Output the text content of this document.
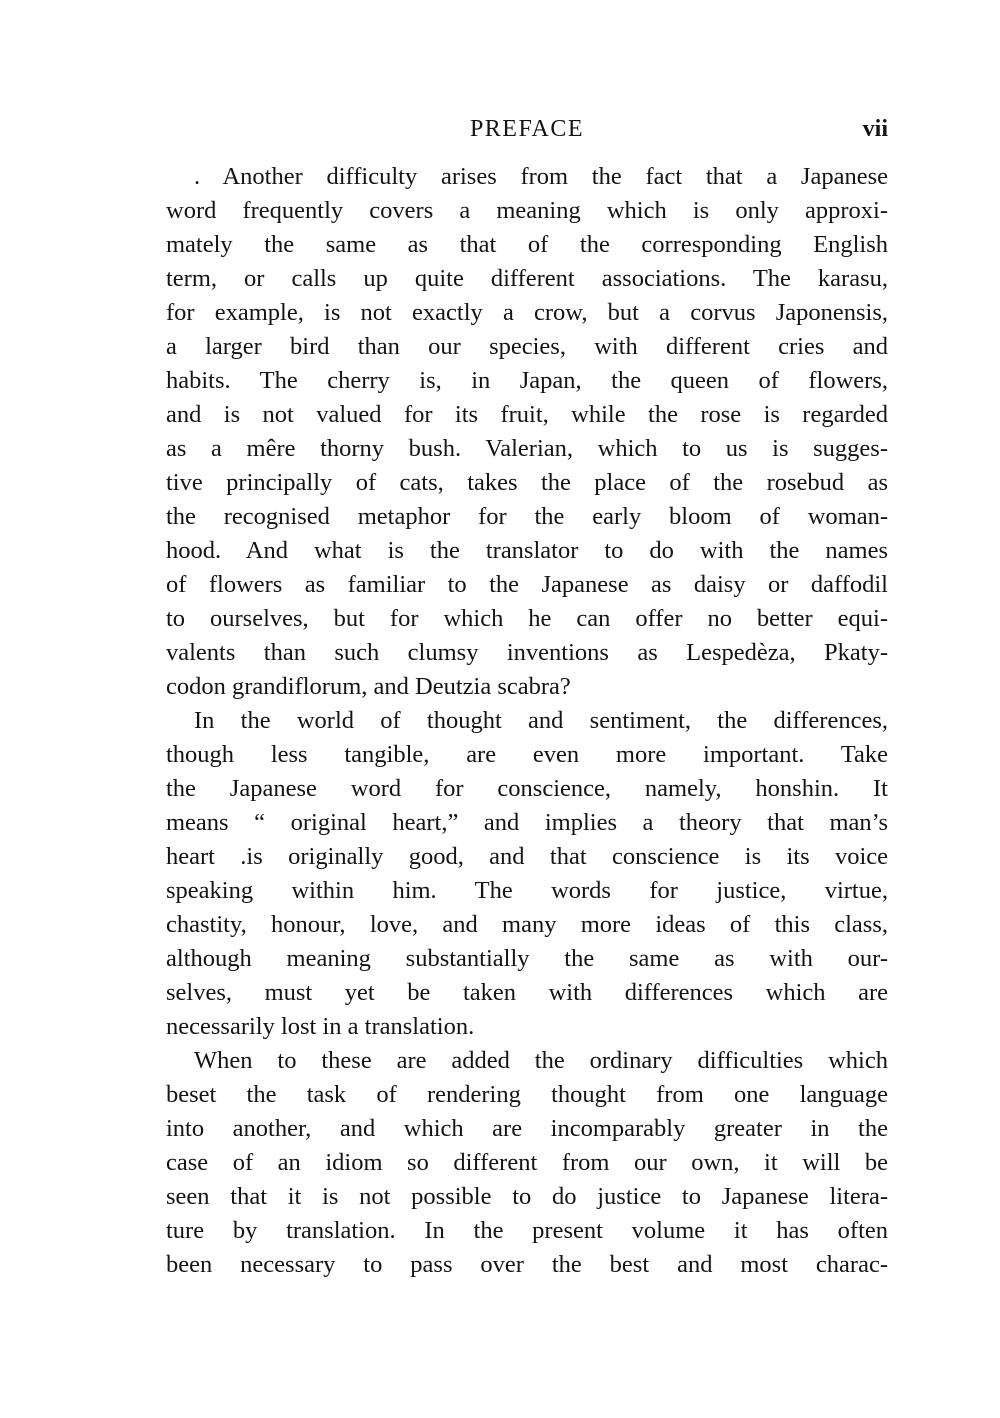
PREFACE	vii
. Another difficulty arises from the fact that a Japanese
word frequently covers a meaning which is only approxi-
mately the same as that of the corresponding English
term, or calls up quite different associations. The karasu,
for example, is not exactly a crow, but a corvus Japonensis,
a larger bird than our species, with different cries and
habits. The cherry is, in Japan, the queen of flowers,
and is not valued for its fruit, while the rose is regarded
as a mêre thorny bush. Valerian, which to us is sugges-
tive principally of cats, takes the place of the rosebud as
the recognised metaphor for the early bloom of woman-
hood. And what is the translator to do with the names
of flowers as familiar to the Japanese as daisy or daffodil
to ourselves, but for which he can offer no better equi-
valents than such clumsy inventions as Lespedèza, Pkaty-
codon grandiflorum, and Deutzia scabra?
In the world of thought and sentiment, the differences,
though less tangible, are even more important. Take
the Japanese word for conscience, namely, honshin. It
means “ original heart,” and implies a theory that man’s
heart .is originally good, and that conscience is its voice
speaking within him. The words for justice, virtue,
chastity, honour, love, and many more ideas of this class,
although meaning substantially the same as with our-
selves, must yet be taken with differences which are
necessarily lost in a translation.
When to these are added the ordinary difficulties which
beset the task of rendering thought from one language
into another, and which are incomparably greater in the
case of an idiom so different from our own, it will be
seen that it is not possible to do justice to Japanese litera-
ture by translation. In the present volume it has often
been necessary to pass over the best and most charac-
